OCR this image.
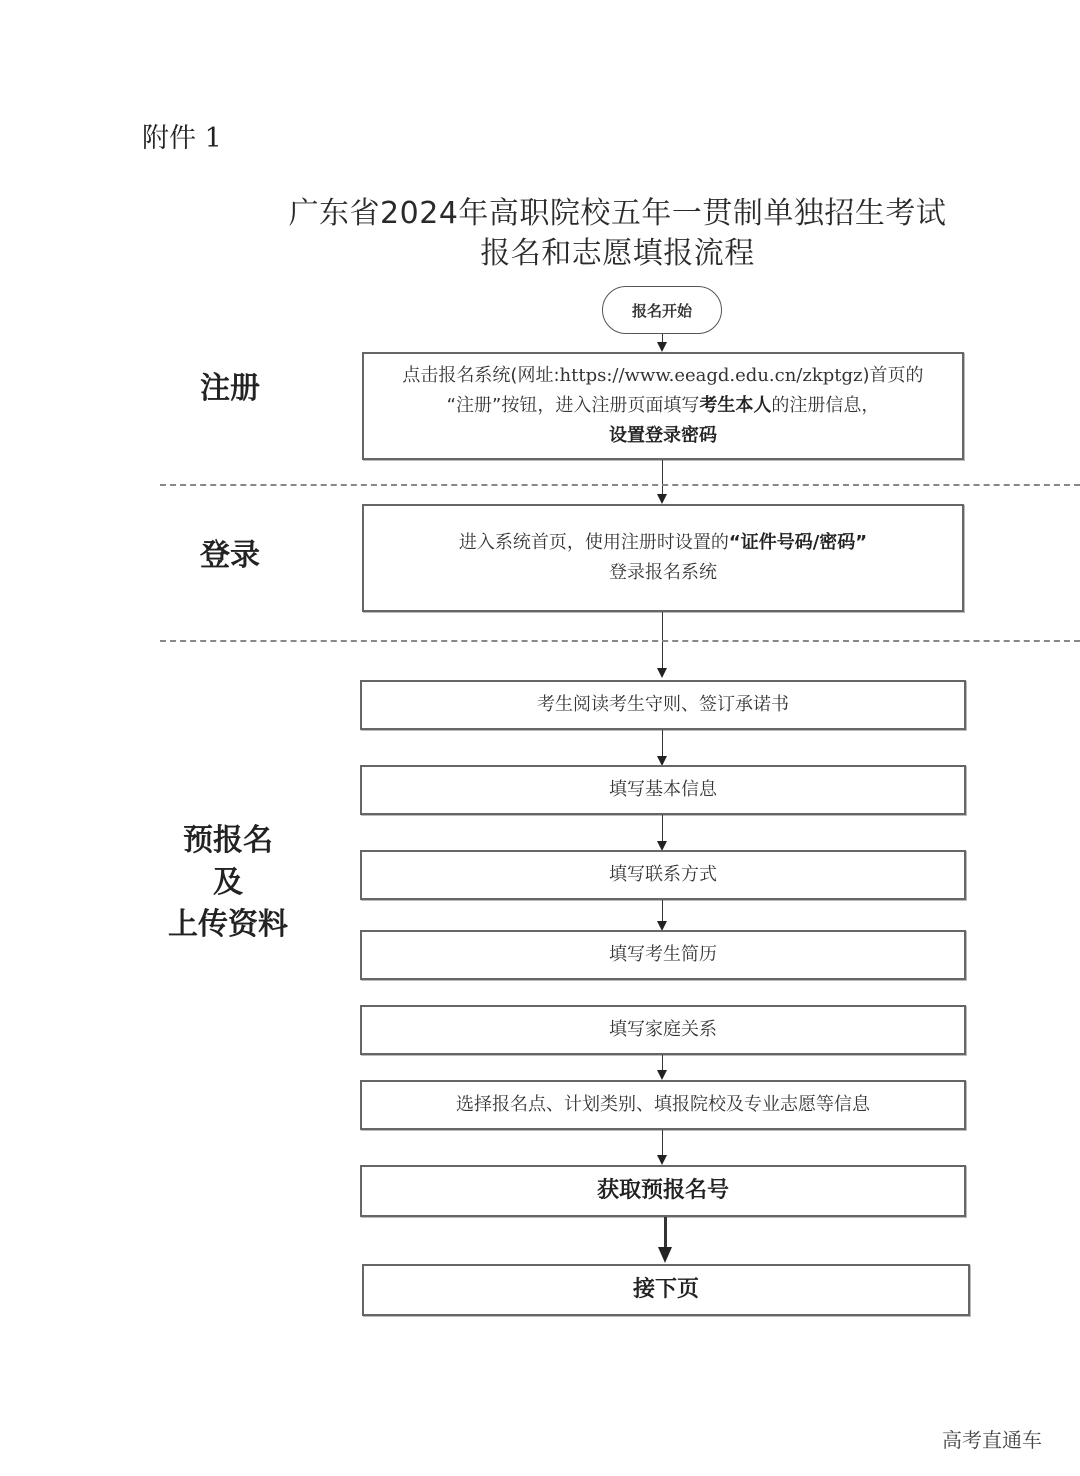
附件 1
广东省2024年高职院校五年一贯制单独招生考试
报名和志愿填报流程
报名开始
注册	点击报名系统(网址:https://www.eeagd.edu.cn/zkptgz)首页的
“注册”按钮，进入注册页面填写考生本人的注册信息，
设置登录密码
登录	进入系统首页，使用注册时设置的“证件号码/密码”
登录报名系统
预报名
及
上传资料
考生阅读考生守则、签订承诺书
填写基本信息
填写联系方式
填写考生简历
填写家庭关系
选择报名点、计划类别、填报院校及专业志愿等信息
获取预报名号
接下页
高考直通车
